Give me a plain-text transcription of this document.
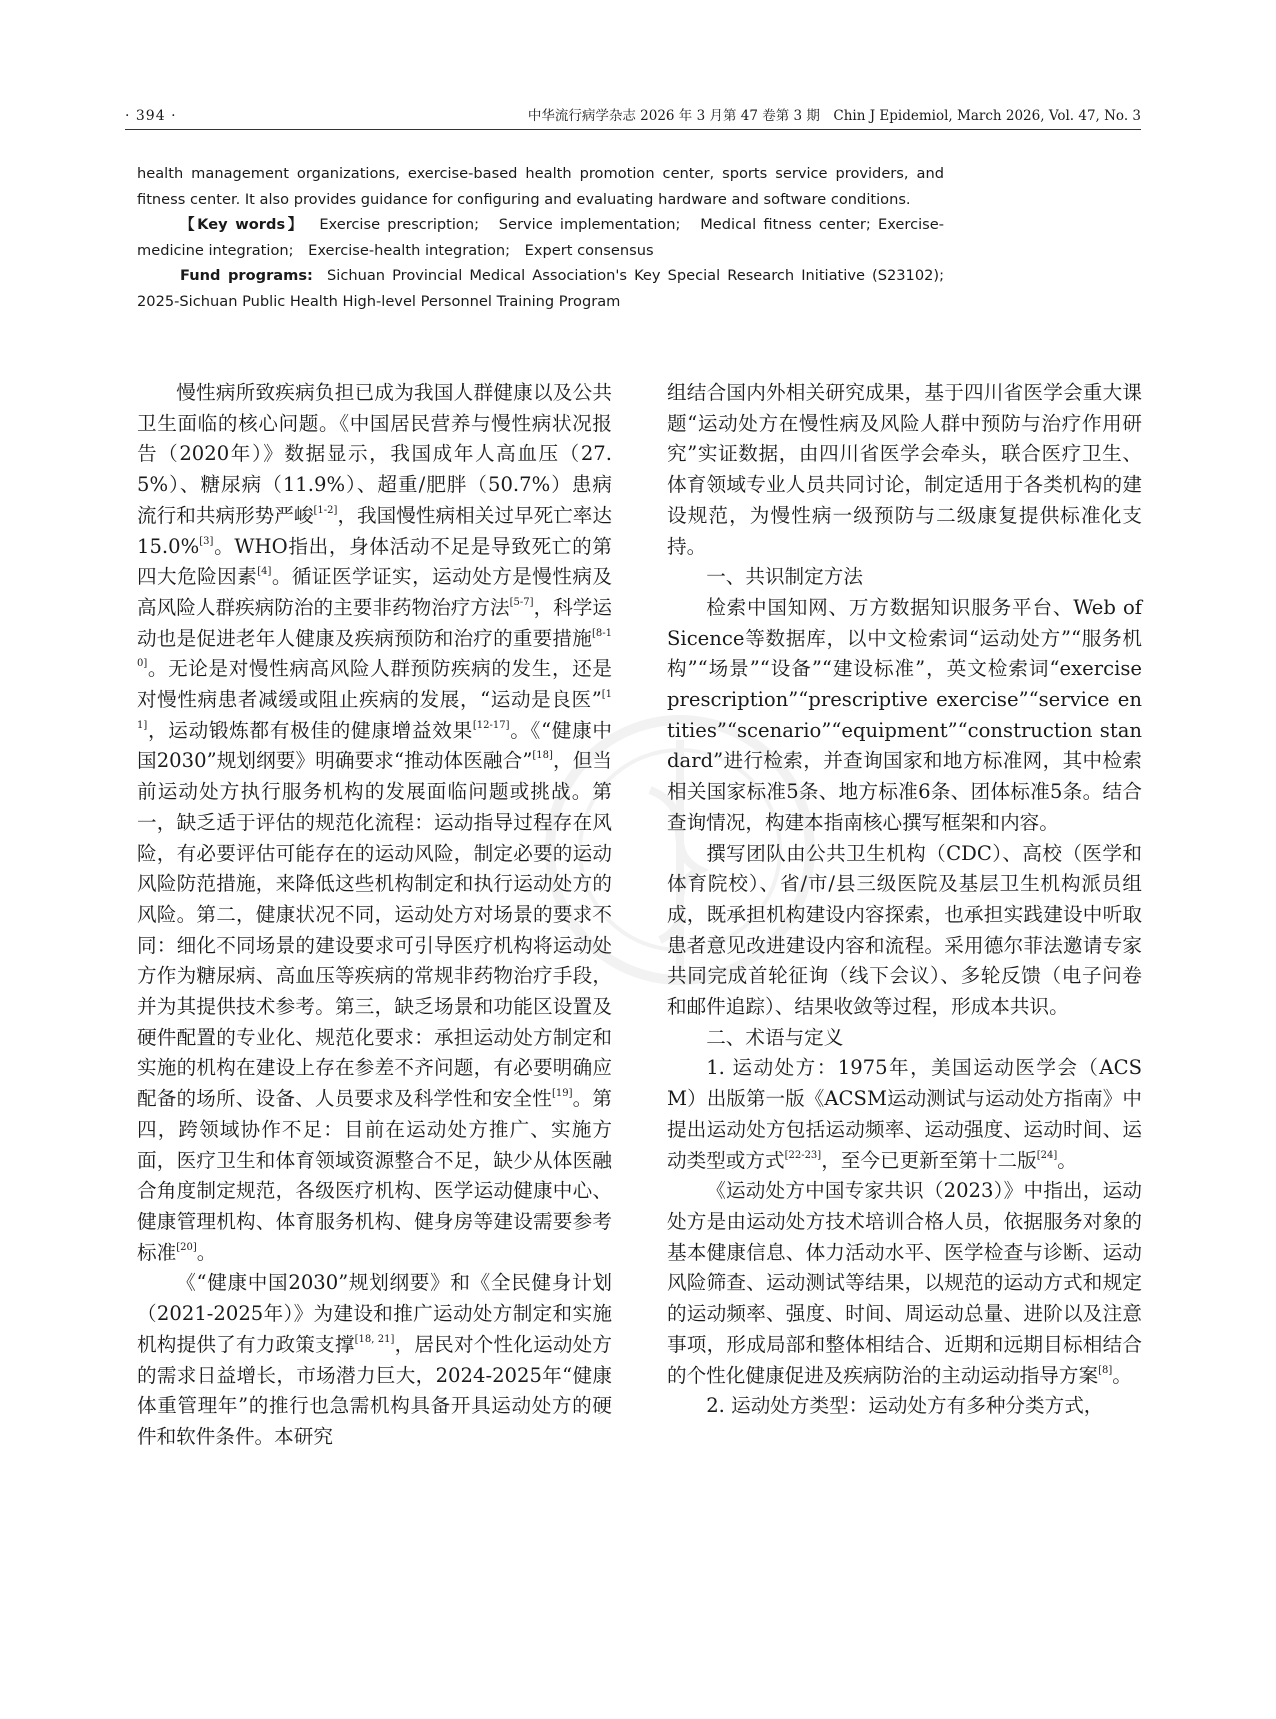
· 394 ·	中华流行病学杂志 2026 年 3 月第 47 卷第 3 期　Chin J Epidemiol, March 2026, Vol. 47, No. 3

health management organizations, exercise-based health promotion center, sports service providers, and fitness center. It also provides guidance for configuring and evaluating hardware and software conditions.

【Key words】 Exercise prescription;　Service implementation;　Medical fitness center; Exercise-medicine integration;　Exercise-health integration;　Expert consensus

Fund programs: Sichuan Provincial Medical Association's Key Special Research Initiative (S23102); 2025-Sichuan Public Health High-level Personnel Training Program

慢性病所致疾病负担已成为我国人群健康以及公共卫生面临的核心问题。《中国居民营养与慢性病状况报告（2020年）》数据显示，我国成年人高血压（27.5%）、糖尿病（11.9%）、超重/肥胖（50.7%）患病流行和共病形势严峻[1-2]，我国慢性病相关过早死亡率达15.0%[3]。WHO指出，身体活动不足是导致死亡的第四大危险因素[4]。循证医学证实，运动处方是慢性病及高风险人群疾病防治的主要非药物治疗方法[5-7]，科学运动也是促进老年人健康及疾病预防和治疗的重要措施[8-10]。无论是对慢性病高风险人群预防疾病的发生，还是对慢性病患者减缓或阻止疾病的发展，“运动是良医”[11]，运动锻炼都有极佳的健康增益效果[12-17]。《“健康中国2030”规划纲要》明确要求“推动体医融合”[18]，但当前运动处方执行服务机构的发展面临问题或挑战。第一，缺乏适于评估的规范化流程：运动指导过程存在风险，有必要评估可能存在的运动风险，制定必要的运动风险防范措施，来降低这些机构制定和执行运动处方的风险。第二，健康状况不同，运动处方对场景的要求不同：细化不同场景的建设要求可引导医疗机构将运动处方作为糖尿病、高血压等疾病的常规非药物治疗手段，并为其提供技术参考。第三，缺乏场景和功能区设置及硬件配置的专业化、规范化要求：承担运动处方制定和实施的机构在建设上存在参差不齐问题，有必要明确应配备的场所、设备、人员要求及科学性和安全性[19]。第四，跨领域协作不足：目前在运动处方推广、实施方面，医疗卫生和体育领域资源整合不足，缺少从体医融合角度制定规范，各级医疗机构、医学运动健康中心、健康管理机构、体育服务机构、健身房等建设需要参考标准[20]。

《“健康中国2030”规划纲要》和《全民健身计划（2021-2025年）》为建设和推广运动处方制定和实施机构提供了有力政策支撑[18, 21]，居民对个性化运动处方的需求日益增长，市场潜力巨大，2024-2025年“健康体重管理年”的推行也急需机构具备开具运动处方的硬件和软件条件。本研究

组结合国内外相关研究成果，基于四川省医学会重大课题“运动处方在慢性病及风险人群中预防与治疗作用研究”实证数据，由四川省医学会牵头，联合医疗卫生、体育领域专业人员共同讨论，制定适用于各类机构的建设规范，为慢性病一级预防与二级康复提供标准化支持。

一、共识制定方法

检索中国知网、万方数据知识服务平台、Web of Sicence等数据库，以中文检索词“运动处方”“服务机构”“场景”“设备”“建设标准”，英文检索词“exercise prescription”“prescriptive exercise”“service entities”“scenario”“equipment”“construction standard”进行检索，并查询国家和地方标准网，其中检索相关国家标准5条、地方标准6条、团体标准5条。结合查询情况，构建本指南核心撰写框架和内容。

撰写团队由公共卫生机构（CDC）、高校（医学和体育院校）、省/市/县三级医院及基层卫生机构派员组成，既承担机构建设内容探索，也承担实践建设中听取患者意见改进建设内容和流程。采用德尔菲法邀请专家共同完成首轮征询（线下会议）、多轮反馈（电子问卷和邮件追踪）、结果收敛等过程，形成本共识。

二、术语与定义

1. 运动处方：1975年，美国运动医学会（ACSM）出版第一版《ACSM运动测试与运动处方指南》中提出运动处方包括运动频率、运动强度、运动时间、运动类型或方式[22-23]，至今已更新至第十二版[24]。

《运动处方中国专家共识（2023）》中指出，运动处方是由运动处方技术培训合格人员，依据服务对象的基本健康信息、体力活动水平、医学检查与诊断、运动风险筛查、运动测试等结果，以规范的运动方式和规定的运动频率、强度、时间、周运动总量、进阶以及注意事项，形成局部和整体相结合、近期和远期目标相结合的个性化健康促进及疾病防治的主动运动指导方案[8]。

2. 运动处方类型：运动处方有多种分类方式，
